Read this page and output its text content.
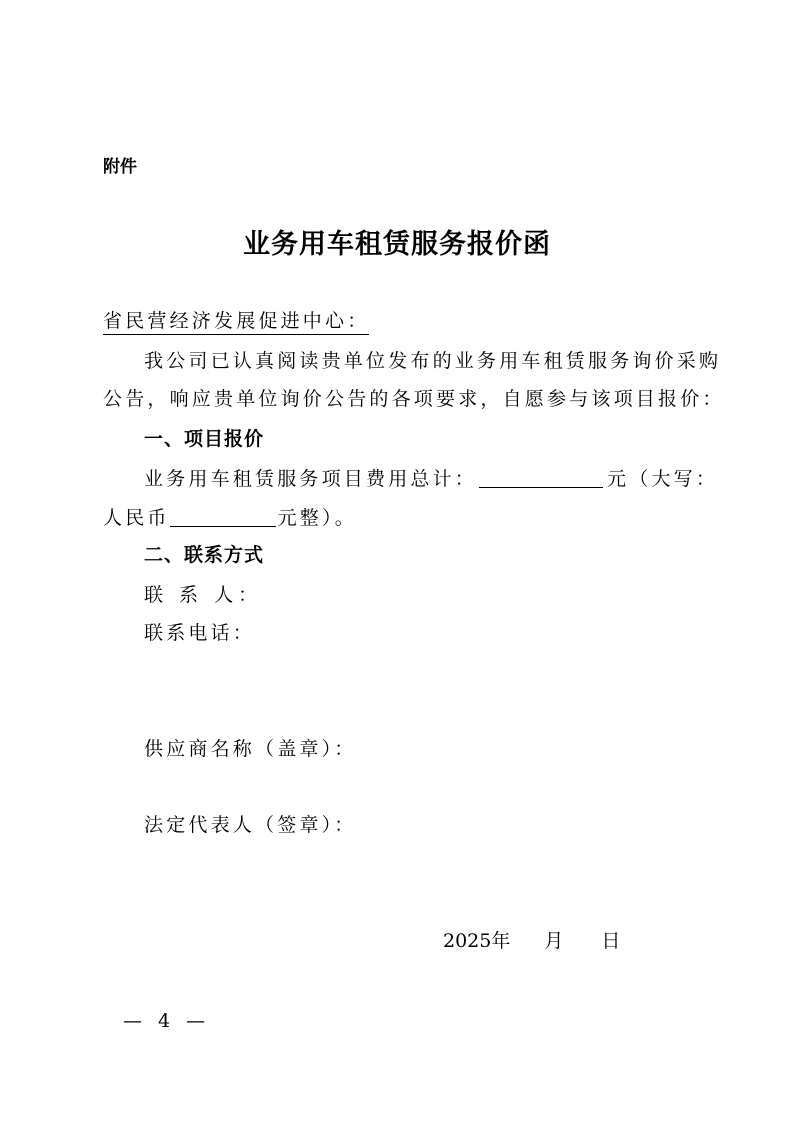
附件
业务用车租赁服务报价函
省民营经济发展促进中心：
我公司已认真阅读贵单位发布的业务用车租赁服务询价采购
公告，响应贵单位询价公告的各项要求，自愿参与该项目报价：
一、项目报价
业务用车租赁服务项目费用总计：	元（大写：
人民币	元整）。
二、联系方式
联 系 人：
联系电话：
供应商名称（盖章）：
法定代表人（签章）：
2025年 月 日
— 4 —
